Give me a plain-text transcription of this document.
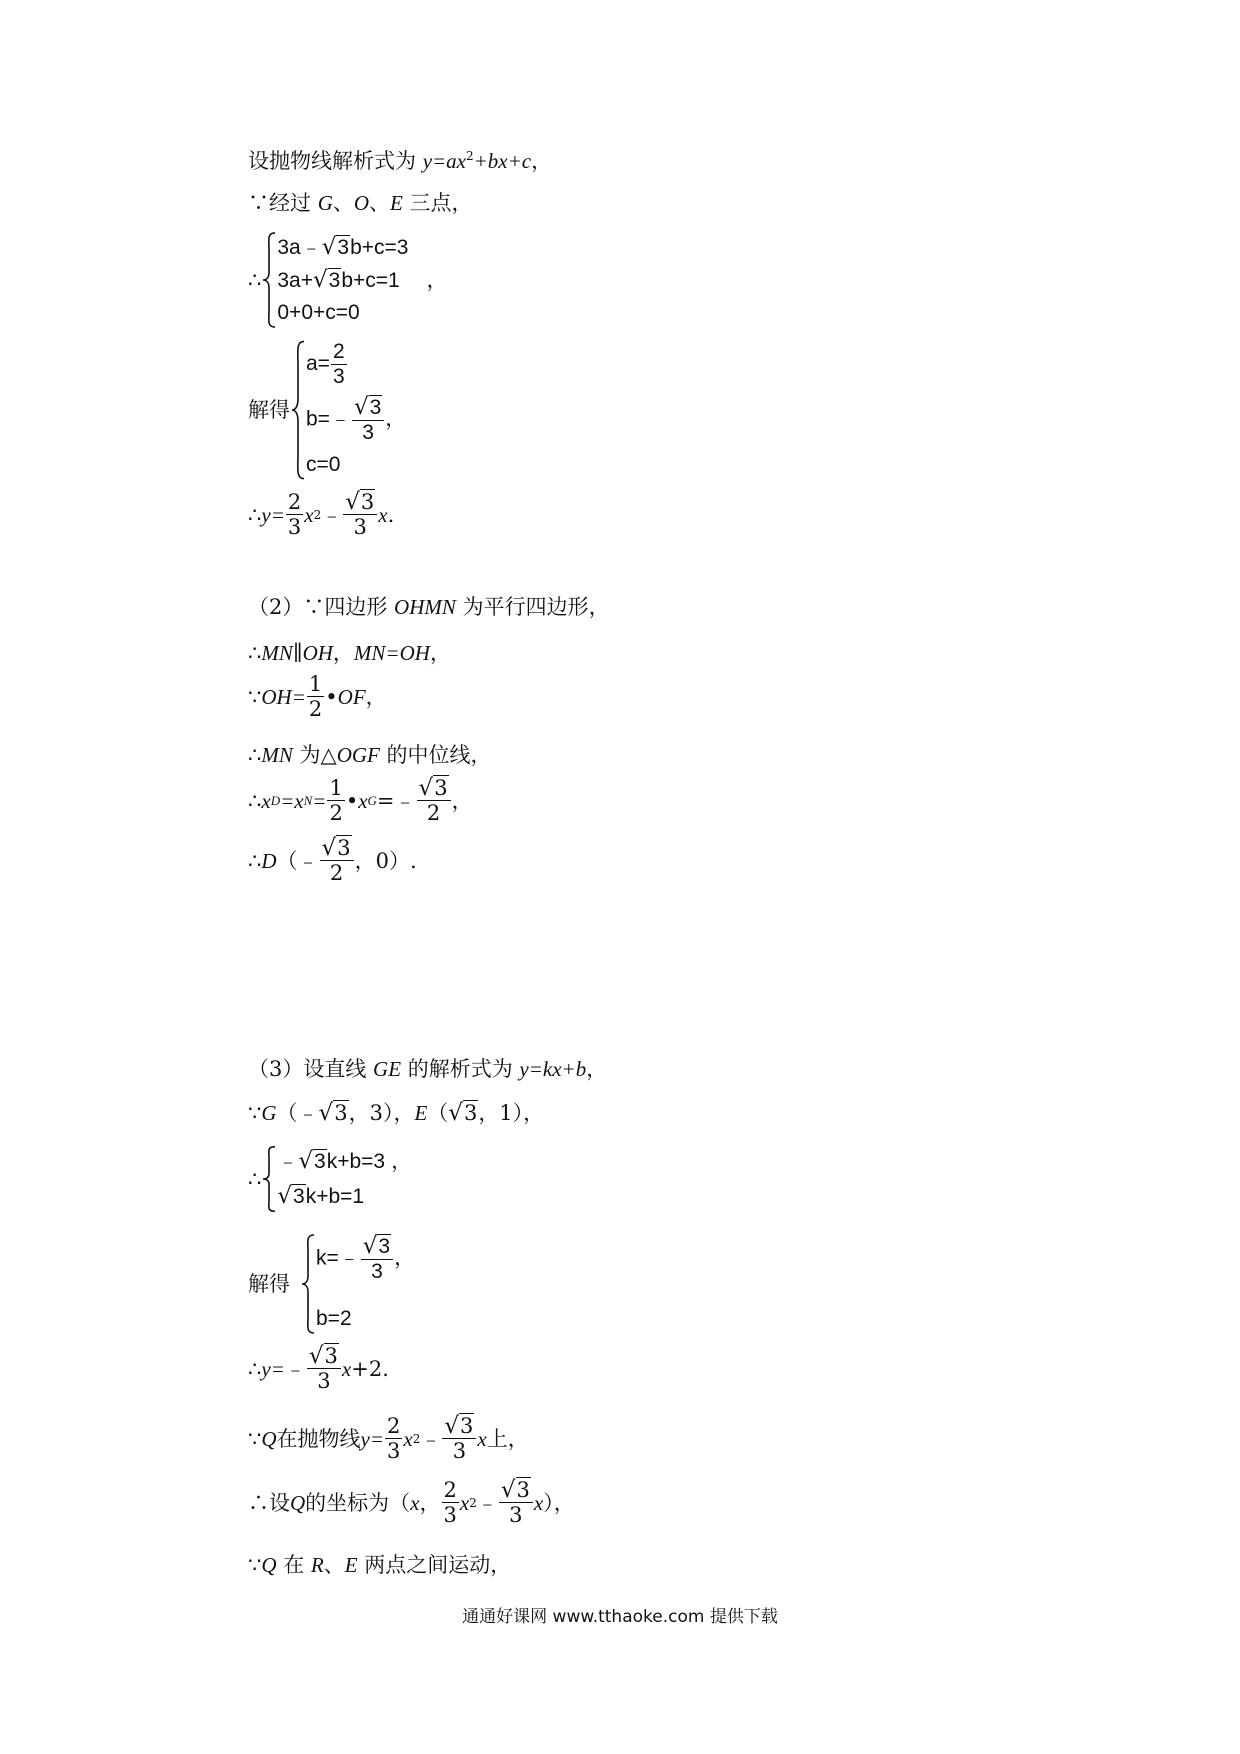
设抛物线解析式为 $y=ax^2+bx+c$，
∵经过 G、O、E 三点，
∴
3a﹣√3b+c=3
3a+√3b+c=1
0+0+c=0
，
解得
$a= \frac{2}{3}$
b=﹣ $\frac{√3}{3}$ ，
c=0
∴ $y= \frac{2}{3}$ x 2 ﹣ $\frac{√3}{3}$ x .
（2）∵四边形 OHMN 为平行四边形，
∴MN∥OH，MN=OH，
∵ $OH= \frac{1}{2}$ • OF ，
∴MN 为△OGF 的中位线，
∴ x D =x $N = \frac{1}{2}$ • x G =﹣ $\frac{√3}{2}$ ，
∴ D （﹣ $\frac{√3}{2}$ ，0）.
（3）设直线 GE 的解析式为 y=kx+b，
∵G（﹣√3，3），E（√3，1），
∴
﹣√3k+b=3
√3k+b=1
，
解得
k=﹣ $\frac{√3}{3}$ ，
b=2
∴ y= ﹣ $\frac{√3}{3}$ x +2.
∵ Q 在抛物线 $y= \frac{2}{3}$ x 2 ﹣ $\frac{√3}{3}$ x 上，
∴设 Q 的坐标为（ x ， $\frac{2}{3}$ x 2 ﹣ $\frac{√3}{3}$ x ），
∵Q 在 R、E 两点之间运动，
通通好课网 www.tthaoke.com 提供下载
